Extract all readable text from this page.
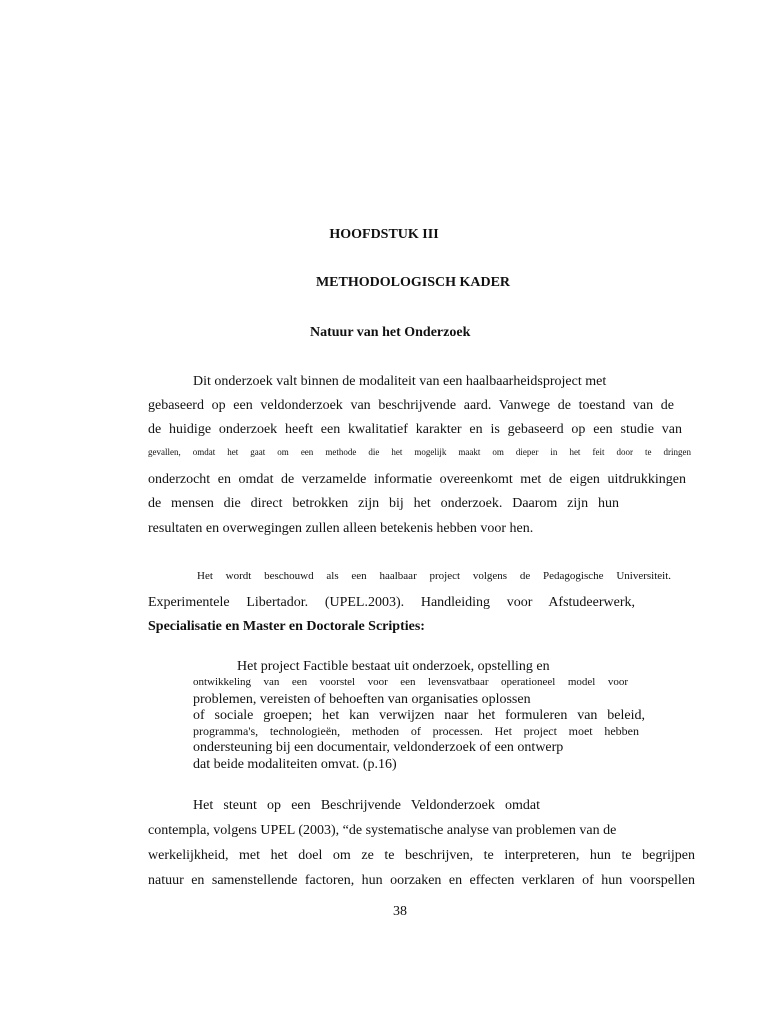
HOOFDSTUK III
METHODOLOGISCH KADER
Natuur van het Onderzoek
Dit onderzoek valt binnen de modaliteit van een haalbaarheidsproject met
gebaseerd op een veldonderzoek van beschrijvende aard. Vanwege de toestand van de
de huidige onderzoek heeft een kwalitatief karakter en is gebaseerd op een studie van
gevallen, omdat het gaat om een methode die het mogelijk maakt om dieper in het feit door te dringen
onderzocht en omdat de verzamelde informatie overeenkomt met de eigen uitdrukkingen
de mensen die direct betrokken zijn bij het onderzoek. Daarom zijn hun
resultaten en overwegingen zullen alleen betekenis hebben voor hen.
Het wordt beschouwd als een haalbaar project volgens de Pedagogische Universiteit.
Experimentele Libertador. (UPEL.2003). Handleiding voor Afstudeerwerk,
Specialisatie en Master en Doctorale Scripties:
Het project Factible bestaat uit onderzoek, opstelling en
ontwikkeling van een voorstel voor een levensvatbaar operationeel model voor
problemen, vereisten of behoeften van organisaties oplossen
of sociale groepen; het kan verwijzen naar het formuleren van beleid,
programma's, technologieën, methoden of processen. Het project moet hebben
ondersteuning bij een documentair, veldonderzoek of een ontwerp
dat beide modaliteiten omvat. (p.16)
Het steunt op een Beschrijvende Veldonderzoek omdat
contempla, volgens UPEL (2003), “de systematische analyse van problemen van de
werkelijkheid, met het doel om ze te beschrijven, te interpreteren, hun te begrijpen
natuur en samenstellende factoren, hun oorzaken en effecten verklaren of hun voorspellen
38
